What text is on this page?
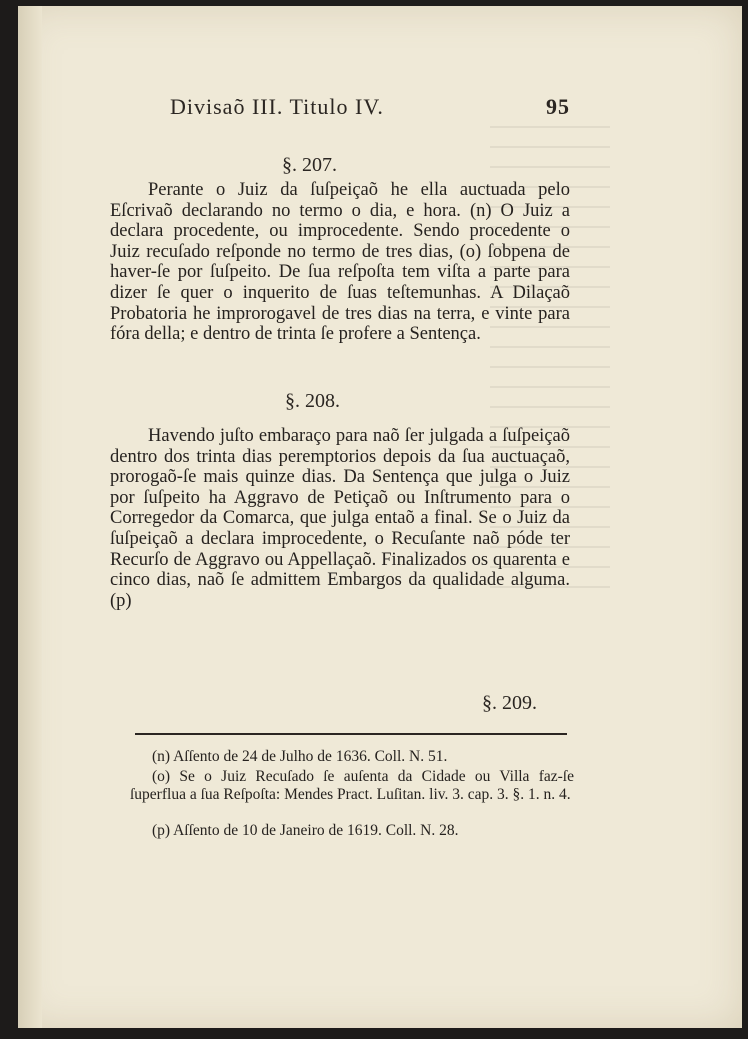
Divisaõ III. Titulo IV.	95
§. 207.

Perante o Juiz da ſuſpeiçaõ he ella auctuada pelo Eſcrivaõ declarando no termo o dia, e hora. (n) O Juiz a declara procedente, ou improcedente. Sendo procedente o Juiz recuſado reſponde no termo de tres dias, (o) ſobpena de haver-ſe por ſuſpeito. De ſua reſpoſta tem viſta a parte para dizer ſe quer o inquerito de ſuas teſtemunhas. A Dilaçaõ Probatoria he improrogavel de tres dias na terra, e vinte para fóra della; e dentro de trinta ſe profere a Sentença.

§. 208.

Havendo juſto embaraço para naõ ſer julgada a ſuſpeiçaõ dentro dos trinta dias peremptorios depois da ſua auctuaçaõ, prorogaõ-ſe mais quinze dias. Da Sentença que julga o Juiz por ſuſpeito ha Aggravo de Petiçaõ ou Inſtrumento para o Corregedor da Comarca, que julga entaõ a final. Se o Juiz da ſuſpeiçaõ a declara improcedente, o Recuſante naõ póde ter Recurſo de Aggravo ou Appellaçaõ. Finalizados os quarenta e cinco dias, naõ ſe admittem Embargos da qualidade alguma. (p)

§. 209.

(n) Aſſento de 24 de Julho de 1636. Coll. N. 51.

(o) Se o Juiz Recuſado ſe auſenta da Cidade ou Villa faz-ſe ſuperflua a ſua Reſpoſta: Mendes Pract. Luſitan. liv. 3. cap. 3. §. 1. n. 4.

(p) Aſſento de 10 de Janeiro de 1619. Coll. N. 28.
